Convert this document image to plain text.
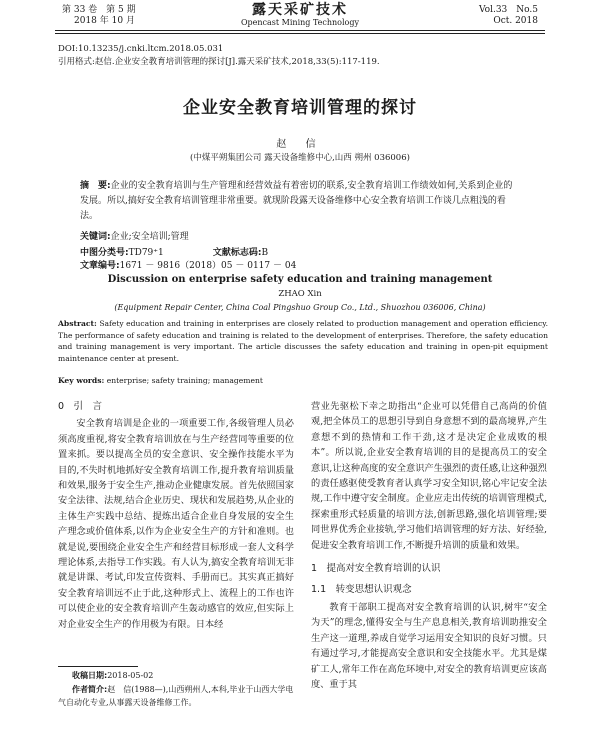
第 33 卷　第 5 期
2018 年 10 月
露天采矿技术
Opencast Mining Technology
Vol.33　No.5
Oct. 2018
DOI:10.13235/j.cnki.ltcm.2018.05.031
引用格式:赵信.企业安全教育培训管理的探讨[J].露天采矿技术,2018,33(5):117-119.
企业安全教育培训管理的探讨
赵 信
(中煤平朔集团公司 露天设备维修中心,山西 朔州 036006)
摘　要:企业的安全教育培训与生产管理和经营效益有着密切的联系,安全教育培训工作绩效如何,关系到企业的发展。所以,搞好安全教育培训管理非常重要。就现阶段露天设备维修中心安全教育培训工作谈几点粗浅的看法。
关键词:企业;安全培训;管理
中图分类号:TD79⁺1	文献标志码:B 文章编号:1671 － 9816（2018）05 － 0117 － 04
Discussion on enterprise safety education and training management
ZHAO Xin
(Equipment Repair Center, China Coal Pingshuo Group Co., Ltd., Shuozhou 036006, China)
Abstract: Safety education and training in enterprises are closely related to production management and operation efficiency. The performance of safety education and training is related to the development of enterprises. Therefore, the safety education and training management is very important. The article discusses the safety education and training in open-pit equipment maintenance center at present.
Key words: enterprise; safety training; management
0　引　言
安全教育培训是企业的一项重要工作,各级管理人员必须高度重视,将安全教育培训放在与生产经营同等重要的位置来抓。要以提高全员的安全意识、安全操作技能水平为目的,不失时机地抓好安全教育培训工作,提升教育培训质量和效果,服务于安全生产,推动企业健康发展。首先依照国家安全法律、法规,结合企业历史、现状和发展趋势,从企业的主体生产实践中总结、提炼出适合企业自身发展的安全生产理念或价值体系,以作为企业安全生产的方针和准则。也就是说,要围绕企业安全生产和经营目标形成一套人文科学理论体系,去指导工作实践。有人认为,搞安全教育培训无非就是讲课、考试,印发宣传资料、手册而已。其实真正搞好安全教育培训远不止于此,这种形式上、流程上的工作也许可以使企业的安全教育培训产生轰动感官的效应,但实际上对企业安全生产的作用极为有限。日本经
收稿日期:2018-05-02
作者简介:赵　信(1988—),山西朔州人,本科,毕业于山西大学电气自动化专业,从事露天设备维修工作。
营业先驱松下幸之助指出“企业可以凭借自己高尚的价值观,把全体员工的思想引导到自身意想不到的最高境界,产生意想不到的热情和工作干劲,这才是决定企业成败的根本”。所以说,企业安全教育培训的目的是提高员工的安全意识,让这种高度的安全意识产生强烈的责任感,让这种强烈的责任感驱使受教育者认真学习安全知识,铭心牢记安全法规,工作中遵守安全制度。企业应走出传统的培训管理模式,探索重形式轻质量的培训方法,创新思路,强化培训管理;要同世界优秀企业接轨,学习他们培训管理的好方法、好经验,促进安全教育培训工作,不断提升培训的质量和效果。
1　提高对安全教育培训的认识
1.1　转变思想认识观念
教育干部职工提高对安全教育培训的认识,树牢“安全为天”的理念,懂得安全与生产息息相关,教育培训助推安全生产这一道理,养成自觉学习运用安全知识的良好习惯。只有通过学习,才能提高安全意识和安全技能水平。尤其是煤矿工人,常年工作在高危环境中,对安全的教育培训更应该高度、重于其
